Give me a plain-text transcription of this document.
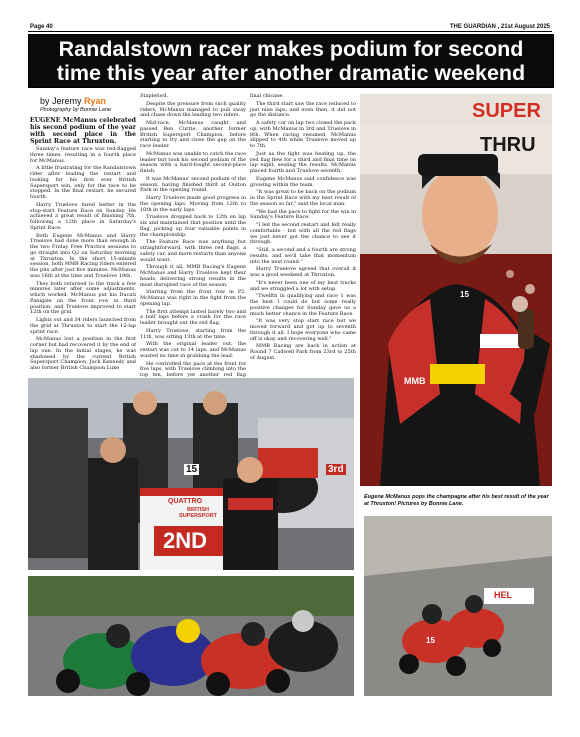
Page 40	THE GUARDIAN , 21st August 2025
Randalstown racer makes podium for second time this year after another dramatic weekend
by Jeremy Ryan
Photography by Bonnie Lane

EUGENE McManus celebrated his second podium of the year with second place in the Sprint Race at Thruxton.

Sunday's feature race was red-flagged three times, resulting in a fourth place for McManus.

A little frustrating for the Randalstown rider after leading the restart and looking for his first ever British Supersport win, only for the race to be stopped. In the final restart, he secured fourth.

Harry Truelove fared better in the stop-start Feature Race on Sunday. He achieved a great result of finishing 7th, following a 12th place in Saturday's Sprint Race.

Both Eugene McManus and Harry Truelove had done more than enough in the two Friday Free Practice sessions to go straight into Q2 on Saturday morning at Thruxton. In the short 15-minute session, both MMB Racing riders entered the pits after just five minutes. McManus was 16th at the time and Truelove 19th.

They both returned to the track a few minutes later after some adjustments, which worked. McManus put his Ducati Panigale on the front row in third position, and Truelove improved to start 12th on the grid.

Lights out and 34 riders launched from the grid at Thruxton to start the 12-lap sprint race.

McManus lost a position in the first corner but had recovered it by the end of lap one. In the initial stages, he was shadowed by the current British Supersport Champion, Jack Kennedy and also former British Champion Luke

Stapleford.

Despite the pressure from such quality riders, McManus managed to pull away and chase down the leading two riders.

Mid-race, McManus caught and passed Ben Currie, another former British Supersport Champion, before starting to try and close the gap on the race leader.

McManus was unable to catch the race leader but took his second podium of the season with a hard-fought second-place finish.

It was McManus' second podium of the season, having finished third at Oulton Park in the opening round.

Harry Truelove made good progress in the opening laps. Moving from 12th to 10th in the early laps.

Truelove dropped back to 12th on lap six and maintained that position until the flag, picking up four valuable points in the championship.

The Feature Race was anything but straightforward, with three red flags, a safety car, and more restarts than anyone would want.

Through it all, MMB Racing's Eugene McManus and Harry Truelove kept their heads, delivering strong results in the most disrupted race of the season.

Starting from the front row in P2, McManus was right in the fight from the opening lap.

The first attempt lasted barely two and a half laps before a crash for the race leader brought out the red flag.

Harry Truelove, starting from the 11th, was sitting 13th at the time.

With the original leader out, the restart was cut to 14 laps, and McManus wasted no time in grabbing the lead.

He controlled the pace at the front for five laps, with Truelove climbing into the top ten, before yet another red flag

final chicane.

The third start saw the race reduced to just nine laps, and even then, it did not go the distance.

A safety car on lap two closed the pack up, with McManus in 3rd and Truelove in 8th. When racing resumed, McManus slipped to 4th while Truelove moved up to 7th.

Just as the fight was heating up, the red flag flew for a third and final time on lap eight, sealing the results. McManus placed fourth and Truelove seventh.

Eugene McManus said confidence was growing within the team.

"It was great to be back on the podium in the Sprint Race with my best result of the season so far," said the local man.

"We had the pace to fight for the win in Sunday's Feature Race.

"I led the second restart and felt really comfortable - but with all the red flags we just never got the chance to see it through.

"Still, a second and a fourth are strong results, and we'll take that momentum into the next round."

Harry Truelove agreed that overall it was a good weekend at Thruxton.

"It's never been one of my best tracks and we struggled a lot with setup.

"Twelfth in qualifying and race 1 was the best I could do but some really positive changes for Sunday gave us a much better chance in the Feature Race.

"It was very stop start race but we moved forward and got up to seventh through it all. I hope everyone who came off is okay and recovering well."

MMB Racing are back in action at Round 7 Cadwell Park from 23rd to 25th of August.

SUPER
THRU
MMB
15
Eugene McManus pops the champagne after his best result of the year at Thruxton! Pictures by Bonnie Lane.
QUATTRO
BRITISH SUPERSPORT
2ND
15	3rd
HEL
15
